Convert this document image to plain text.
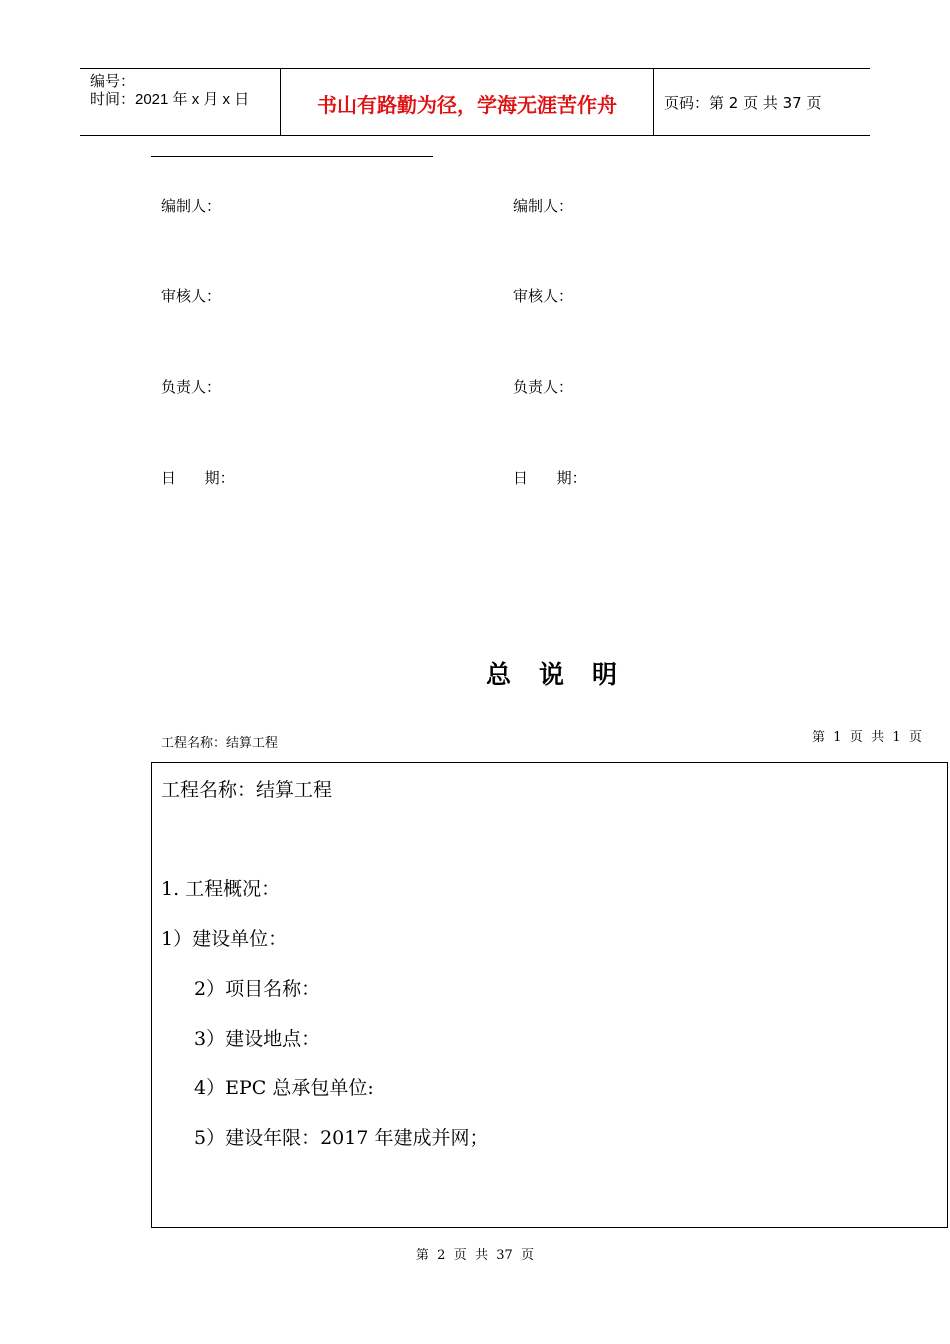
编号：
时间：2021 年 x 月 x 日	书山有路勤为径，学海无涯苦作舟	页码：第 2 页 共 37 页
编制人：	编制人：
审核人：	审核人：
负责人：	负责人：
日      期：	日      期：
总说明
工程名称：结算工程	第  1  页  共  1  页
工程名称：结算工程
1. 工程概况：
1）建设单位：
2）项目名称：
3）建设地点：
4）EPC 总承包单位:
5）建设年限：2017 年建成并网；
第  2  页  共  37  页
